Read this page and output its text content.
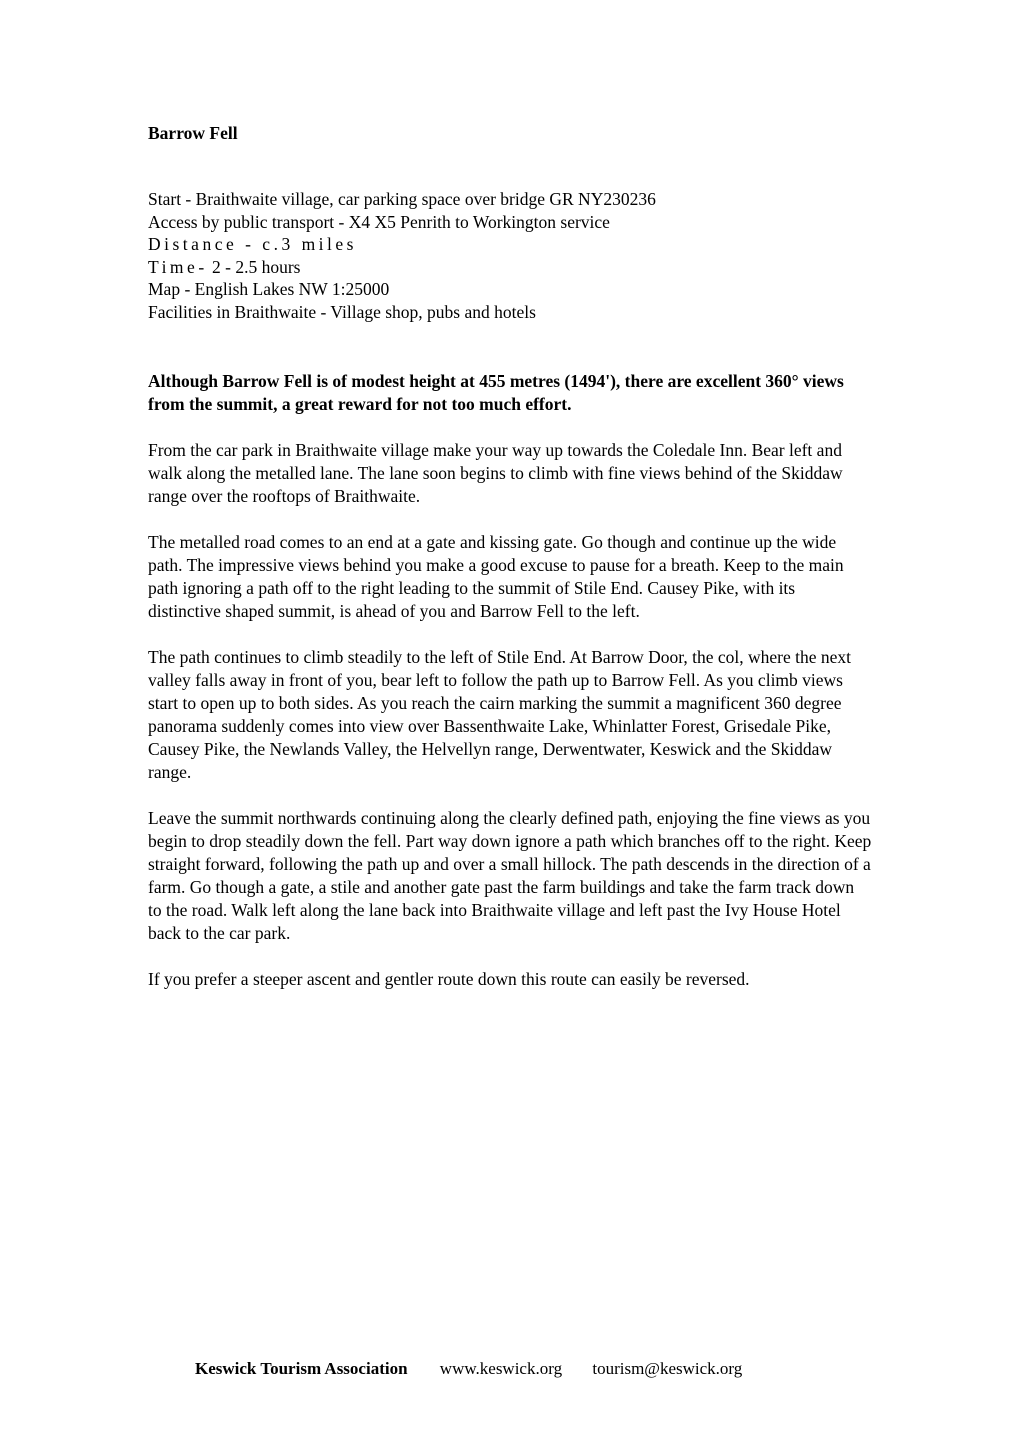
Barrow Fell
Start - Braithwaite village, car parking space over bridge GR NY230236
Access by public transport - X4 X5 Penrith to Workington service
Distance - c.3 miles
Time- 2 - 2.5 hours
Map - English Lakes NW 1:25000
Facilities in Braithwaite - Village shop, pubs and hotels

Although Barrow Fell is of modest height at 455 metres (1494'), there are excellent 360° views from the summit, a great reward for not too much effort.

From the car park in Braithwaite village make your way up towards the Coledale Inn. Bear left and walk along the metalled lane. The lane soon begins to climb with fine views behind of the Skiddaw range over the rooftops of Braithwaite.

The metalled road comes to an end at a gate and kissing gate. Go though and continue up the wide path. The impressive views behind you make a good excuse to pause for a breath. Keep to the main path ignoring a path off to the right leading to the summit of Stile End. Causey Pike, with its distinctive shaped summit, is ahead of you and Barrow Fell to the left.

The path continues to climb steadily to the left of Stile End. At Barrow Door, the col, where the next valley falls away in front of you, bear left to follow the path up to Barrow Fell. As you climb views start to open up to both sides. As you reach the cairn marking the summit a magnificent 360 degree panorama suddenly comes into view over Bassenthwaite Lake, Whinlatter Forest, Grisedale Pike, Causey Pike, the Newlands Valley, the Helvellyn range, Derwentwater, Keswick and the Skiddaw range.

Leave the summit northwards continuing along the clearly defined path, enjoying the fine views as you begin to drop steadily down the fell. Part way down ignore a path which branches off to the right. Keep straight forward, following the path up and over a small hillock. The path descends in the direction of a farm. Go though a gate, a stile and another gate past the farm buildings and take the farm track down to the road. Walk left along the lane back into Braithwaite village and left past the Ivy House Hotel back to the car park.

If you prefer a steeper ascent and gentler route down this route can easily be reversed.

Keswick Tourism Association www.keswick.org tourism@keswick.org
